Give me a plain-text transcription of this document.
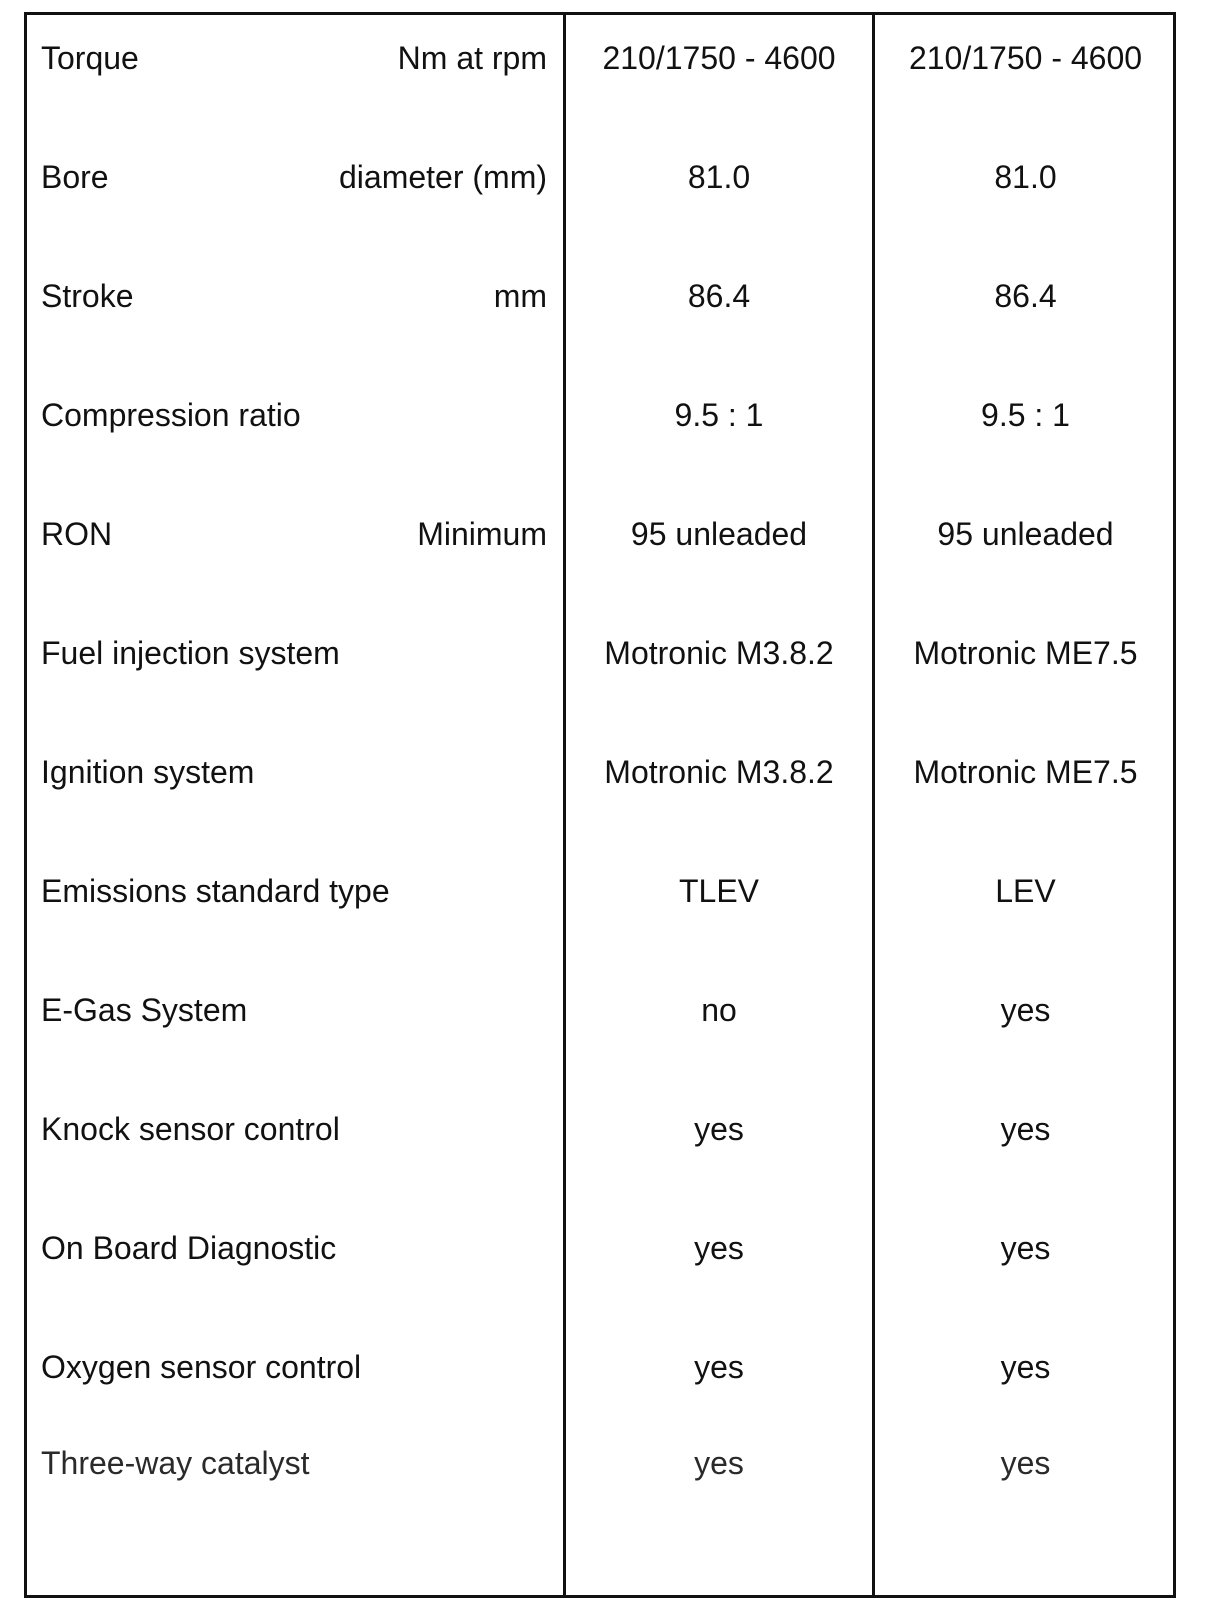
Torque	Nm at rpm	210/1750 - 4600	210/1750 - 4600
Bore	diameter (mm)	81.0	81.0
Stroke	mm	86.4	86.4
Compression ratio	9.5 : 1	9.5 : 1
RON	Minimum	95 unleaded	95 unleaded
Fuel injection system	Motronic M3.8.2	Motronic ME7.5
Ignition system	Motronic M3.8.2	Motronic ME7.5
Emissions standard type	TLEV	LEV
E-Gas System	no	yes
Knock sensor control	yes	yes
On Board Diagnostic	yes	yes
Oxygen sensor control	yes	yes
Three-way catalyst	yes	yes
